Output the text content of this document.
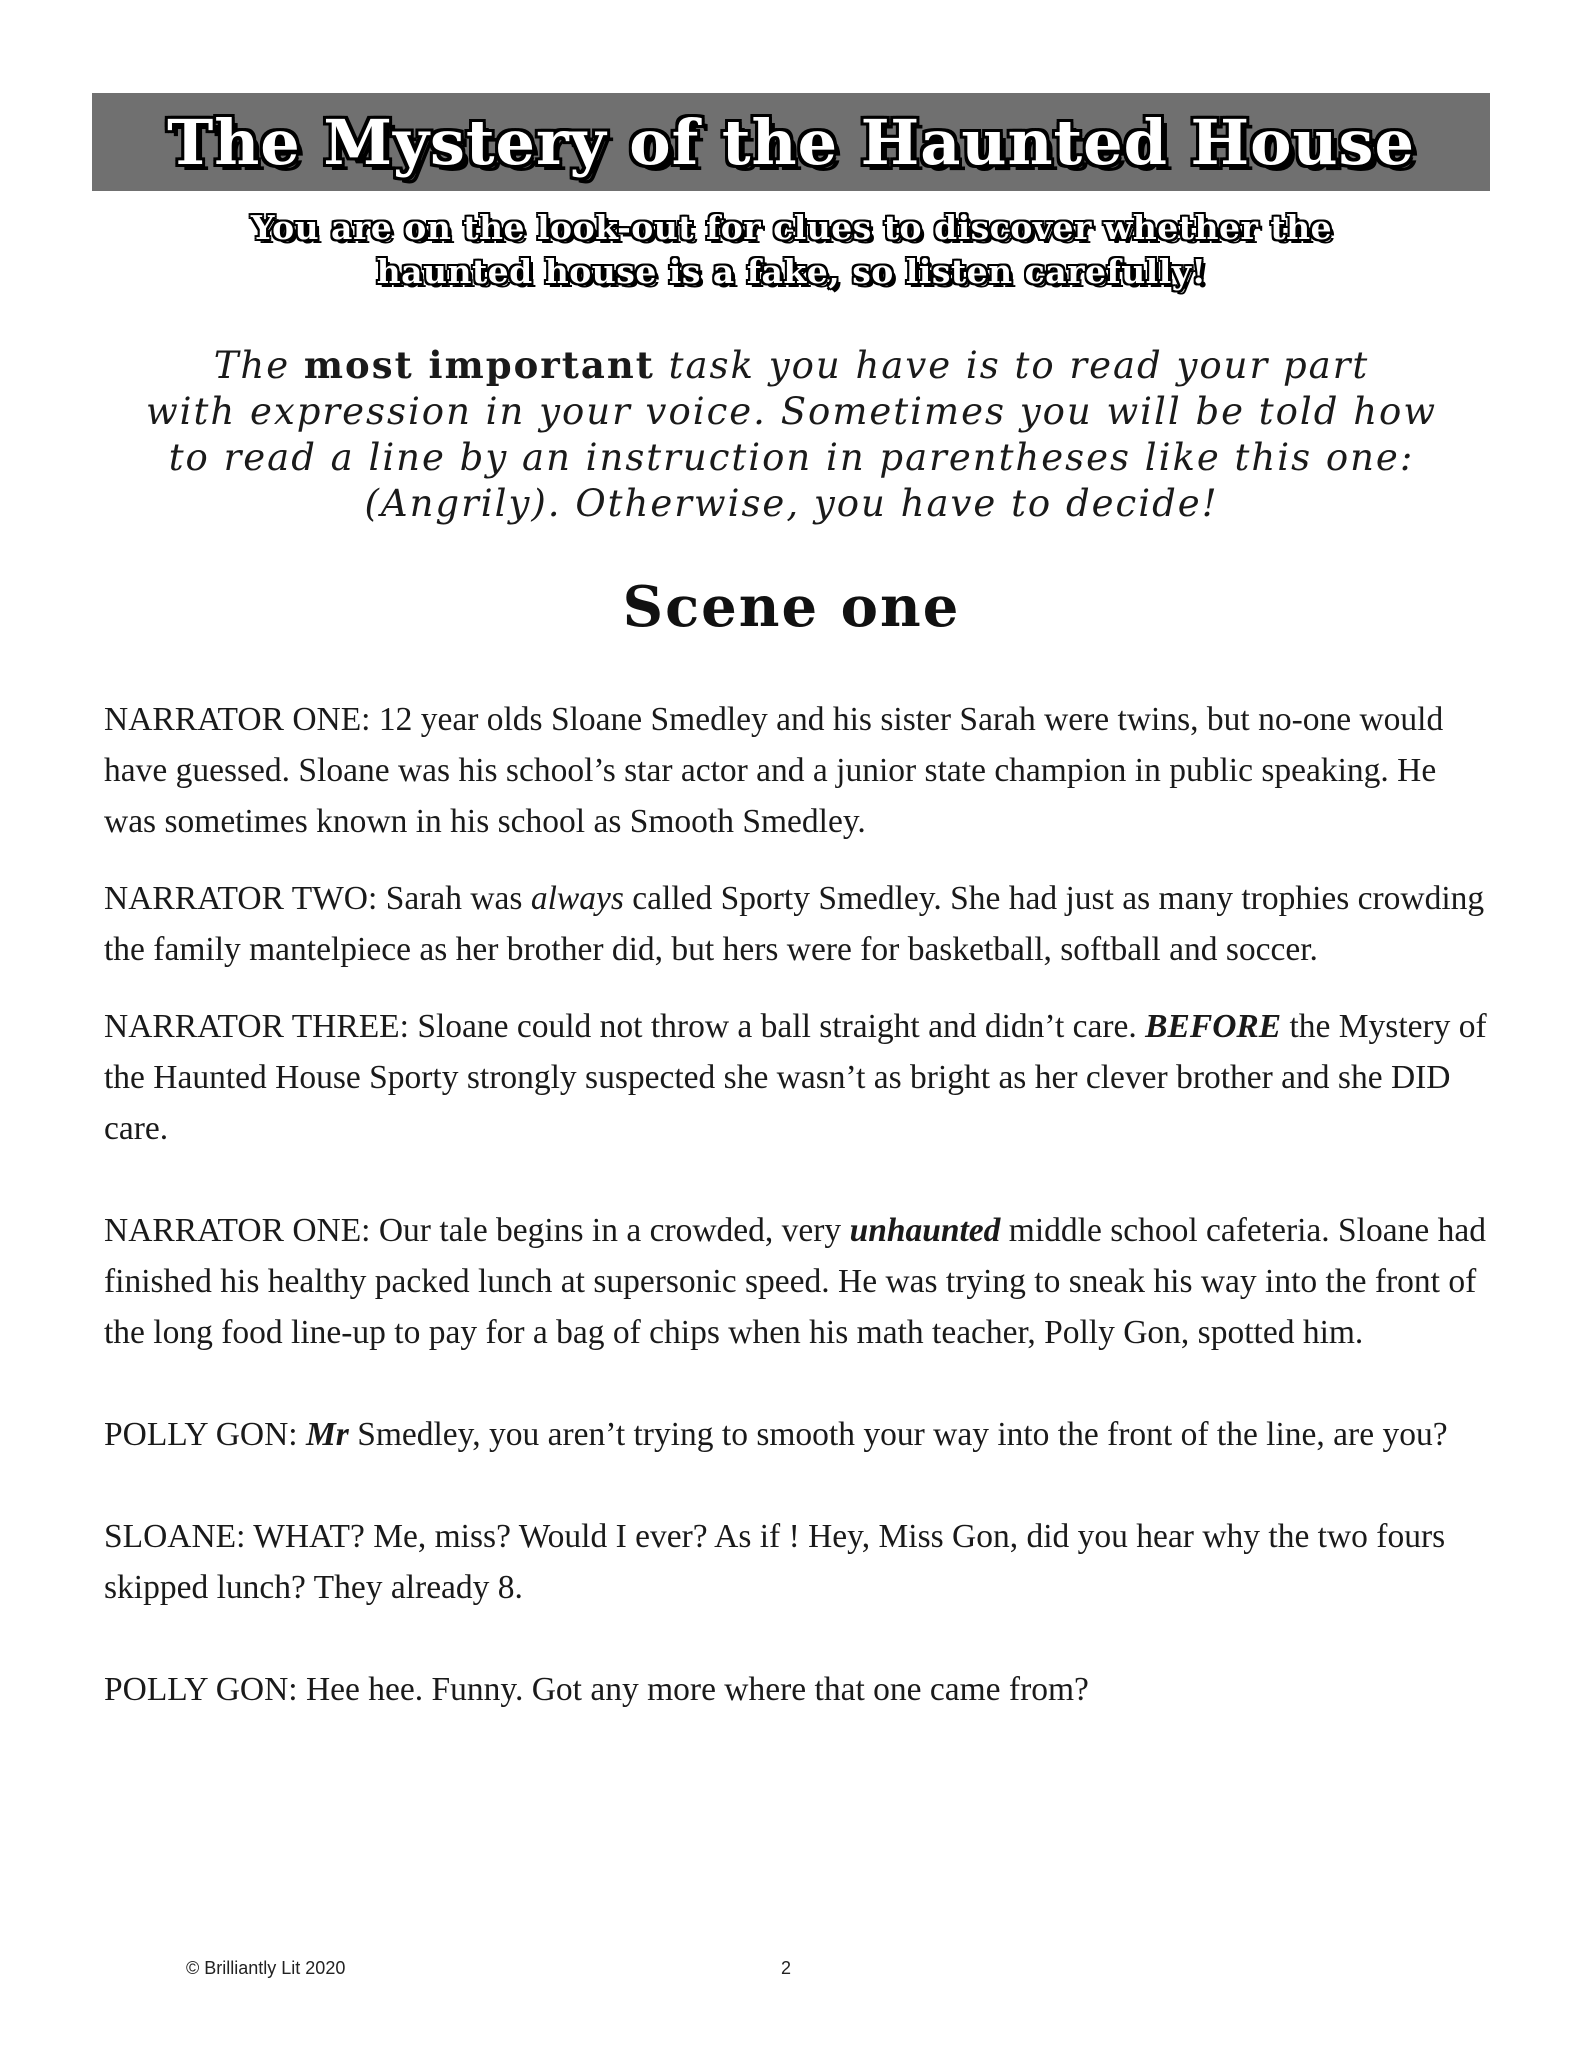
The Mystery of the Haunted House
You are on the look-out for clues to discover whether the
haunted house is a fake, so listen carefully!
The most important task you have is to read your part
with expression in your voice. Sometimes you will be told how
to read a line by an instruction in parentheses like this one:
(Angrily). Otherwise, you have to decide!
Scene one

NARRATOR ONE: 12 year olds Sloane Smedley and his sister Sarah were twins, but no-one would have guessed. Sloane was his school’s star actor and a junior state champion in public speaking. He was sometimes known in his school as Smooth Smedley.

NARRATOR TWO: Sarah was always called Sporty Smedley. She had just as many trophies crowding the family mantelpiece as her brother did, but hers were for basketball, softball and soccer.

NARRATOR THREE: Sloane could not throw a ball straight and didn’t care. BEFORE the Mystery of the Haunted House Sporty strongly suspected she wasn’t as bright as her clever brother and she DID care.

NARRATOR ONE: Our tale begins in a crowded, very unhaunted middle school cafeteria. Sloane had finished his healthy packed lunch at supersonic speed. He was trying to sneak his way into the front of the long food line-up to pay for a bag of chips when his math teacher, Polly Gon, spotted him.

POLLY GON: Mr Smedley, you aren’t trying to smooth your way into the front of the line, are you?

SLOANE: WHAT? Me, miss? Would I ever? As if ! Hey, Miss Gon, did you hear why the two fours skipped lunch? They already 8.

POLLY GON: Hee hee. Funny. Got any more where that one came from?

© Brilliantly Lit 2020	2
